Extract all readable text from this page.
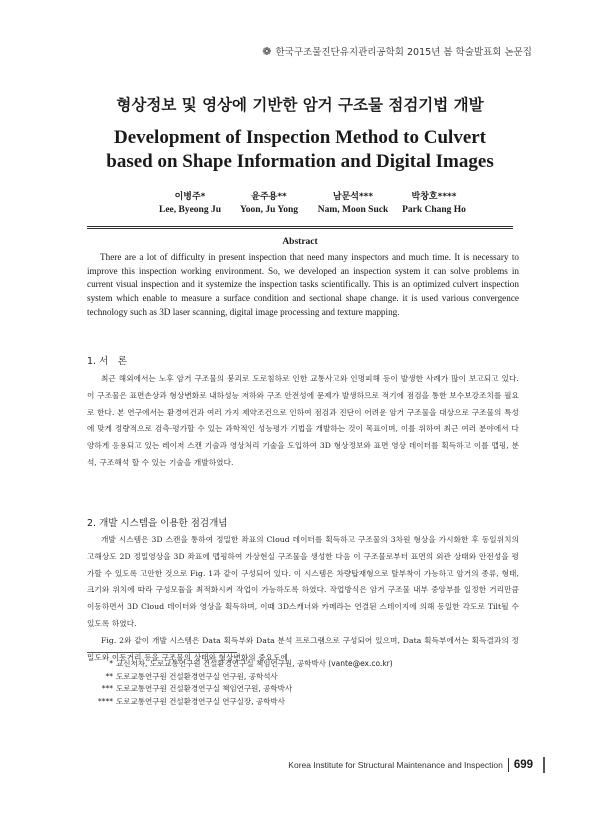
❁ 한국구조물진단유지관리공학회 2015년 봄 학술발표회 논문집
형상정보 및 영상에 기반한 암거 구조물 점검기법 개발
Development of Inspection Method to Culvert
based on Shape Information and Digital Images
이병주*	윤주용**	남문석***	박창호****
Lee, Byeong Ju	Yoon, Ju Yong	Nam, Moon Suck	Park Chang Ho
Abstract
There are a lot of difficulty in present inspection that need many inspectors and much time. It is necessary to improve this inspection working environment. So, we developed an inspection system it can solve problems in current visual inspection and it systemize the inspection tasks scientifically. This is an optimized culvert inspection system which enable to measure a surface condition and sectional shape change. it is used various convergence technology such as 3D laser scanning, digital image processing and texture mapping.
1. 서　론

최근 해외에서는 노후 암거 구조물의 붕괴로 도로침하로 인한 교통사고와 인명피해 등이 발생한 사례가 많이 보고되고 있다. 이 구조물은 표면손상과 형상변화로 내하성능 저하와 구조 안전성에 문제가 발생하므로 적기에 점검을 통한 보수보강조치를 필요로 한다. 본 연구에서는 환경여건과 여러 가지 제약조건으로 인하여 점검과 진단이 어려운 암거 구조물을 대상으로 구조물의 특성에 맞게 정량적으로 검측·평가할 수 있는 과학적인 성능평가 기법을 개발하는 것이 목표이며, 이를 위하여 최근 여러 분야에서 다양하게 응용되고 있는 레이저 스캔 기술과 영상처리 기술을 도입하여 3D 형상정보와 표면 영상 데이터를 획득하고 이를 맵핑, 분석, 구조해석 할 수 있는 기술을 개발하였다.

2. 개발 시스템을 이용한 점검개념

개발 시스템은 3D 스캔을 통하여 정밀한 좌표의 Cloud 데이터를 획득하고 구조물의 3차원 형상을 가시화한 후 동일위치의 고해상도 2D 정밀영상을 3D 좌표에 맵핑하여 가상현실 구조물을 생성한 다음 이 구조물로부터 표면의 외관 상태와 안전성을 평가할 수 있도록 고안한 것으로 Fig. 1과 같이 구성되어 있다. 이 시스템은 차량탑재형으로 탈부착이 가능하고 암거의 종류, 형태, 크기와 위치에 따라 구성모듈을 최적화시켜 작업이 가능하도록 하였다. 작업방식은 암거 구조물 내부 중앙부를 일정한 거리만큼 이동하면서 3D Cloud 데이터와 영상을 획득하며, 이때 3D스캐너와 카메라는 연결된 스테이지에 의해 동일한 각도로 Tilt될 수 있도록 하였다.

Fig. 2와 같이 개발 시스템은 Data 획득부와 Data 분석 프로그램으로 구성되어 있으며, Data 획득부에서는 획득결과의 정밀도와 이동거리 등을 구조물의 상태와 형상변화의 중요도에

* 교신저자, 도로교통연구원 건설환경연구실 책임연구원, 공학박사 (vante@ex.co.kr)
** 도로교통연구원 건설환경연구실 연구원, 공학석사
*** 도로교통연구원 건설환경연구실 책임연구원, 공학박사
**** 도로교통연구원 건설환경연구실 연구실장, 공학박사
Korea Institute for Structural Maintenance and Inspection 699
